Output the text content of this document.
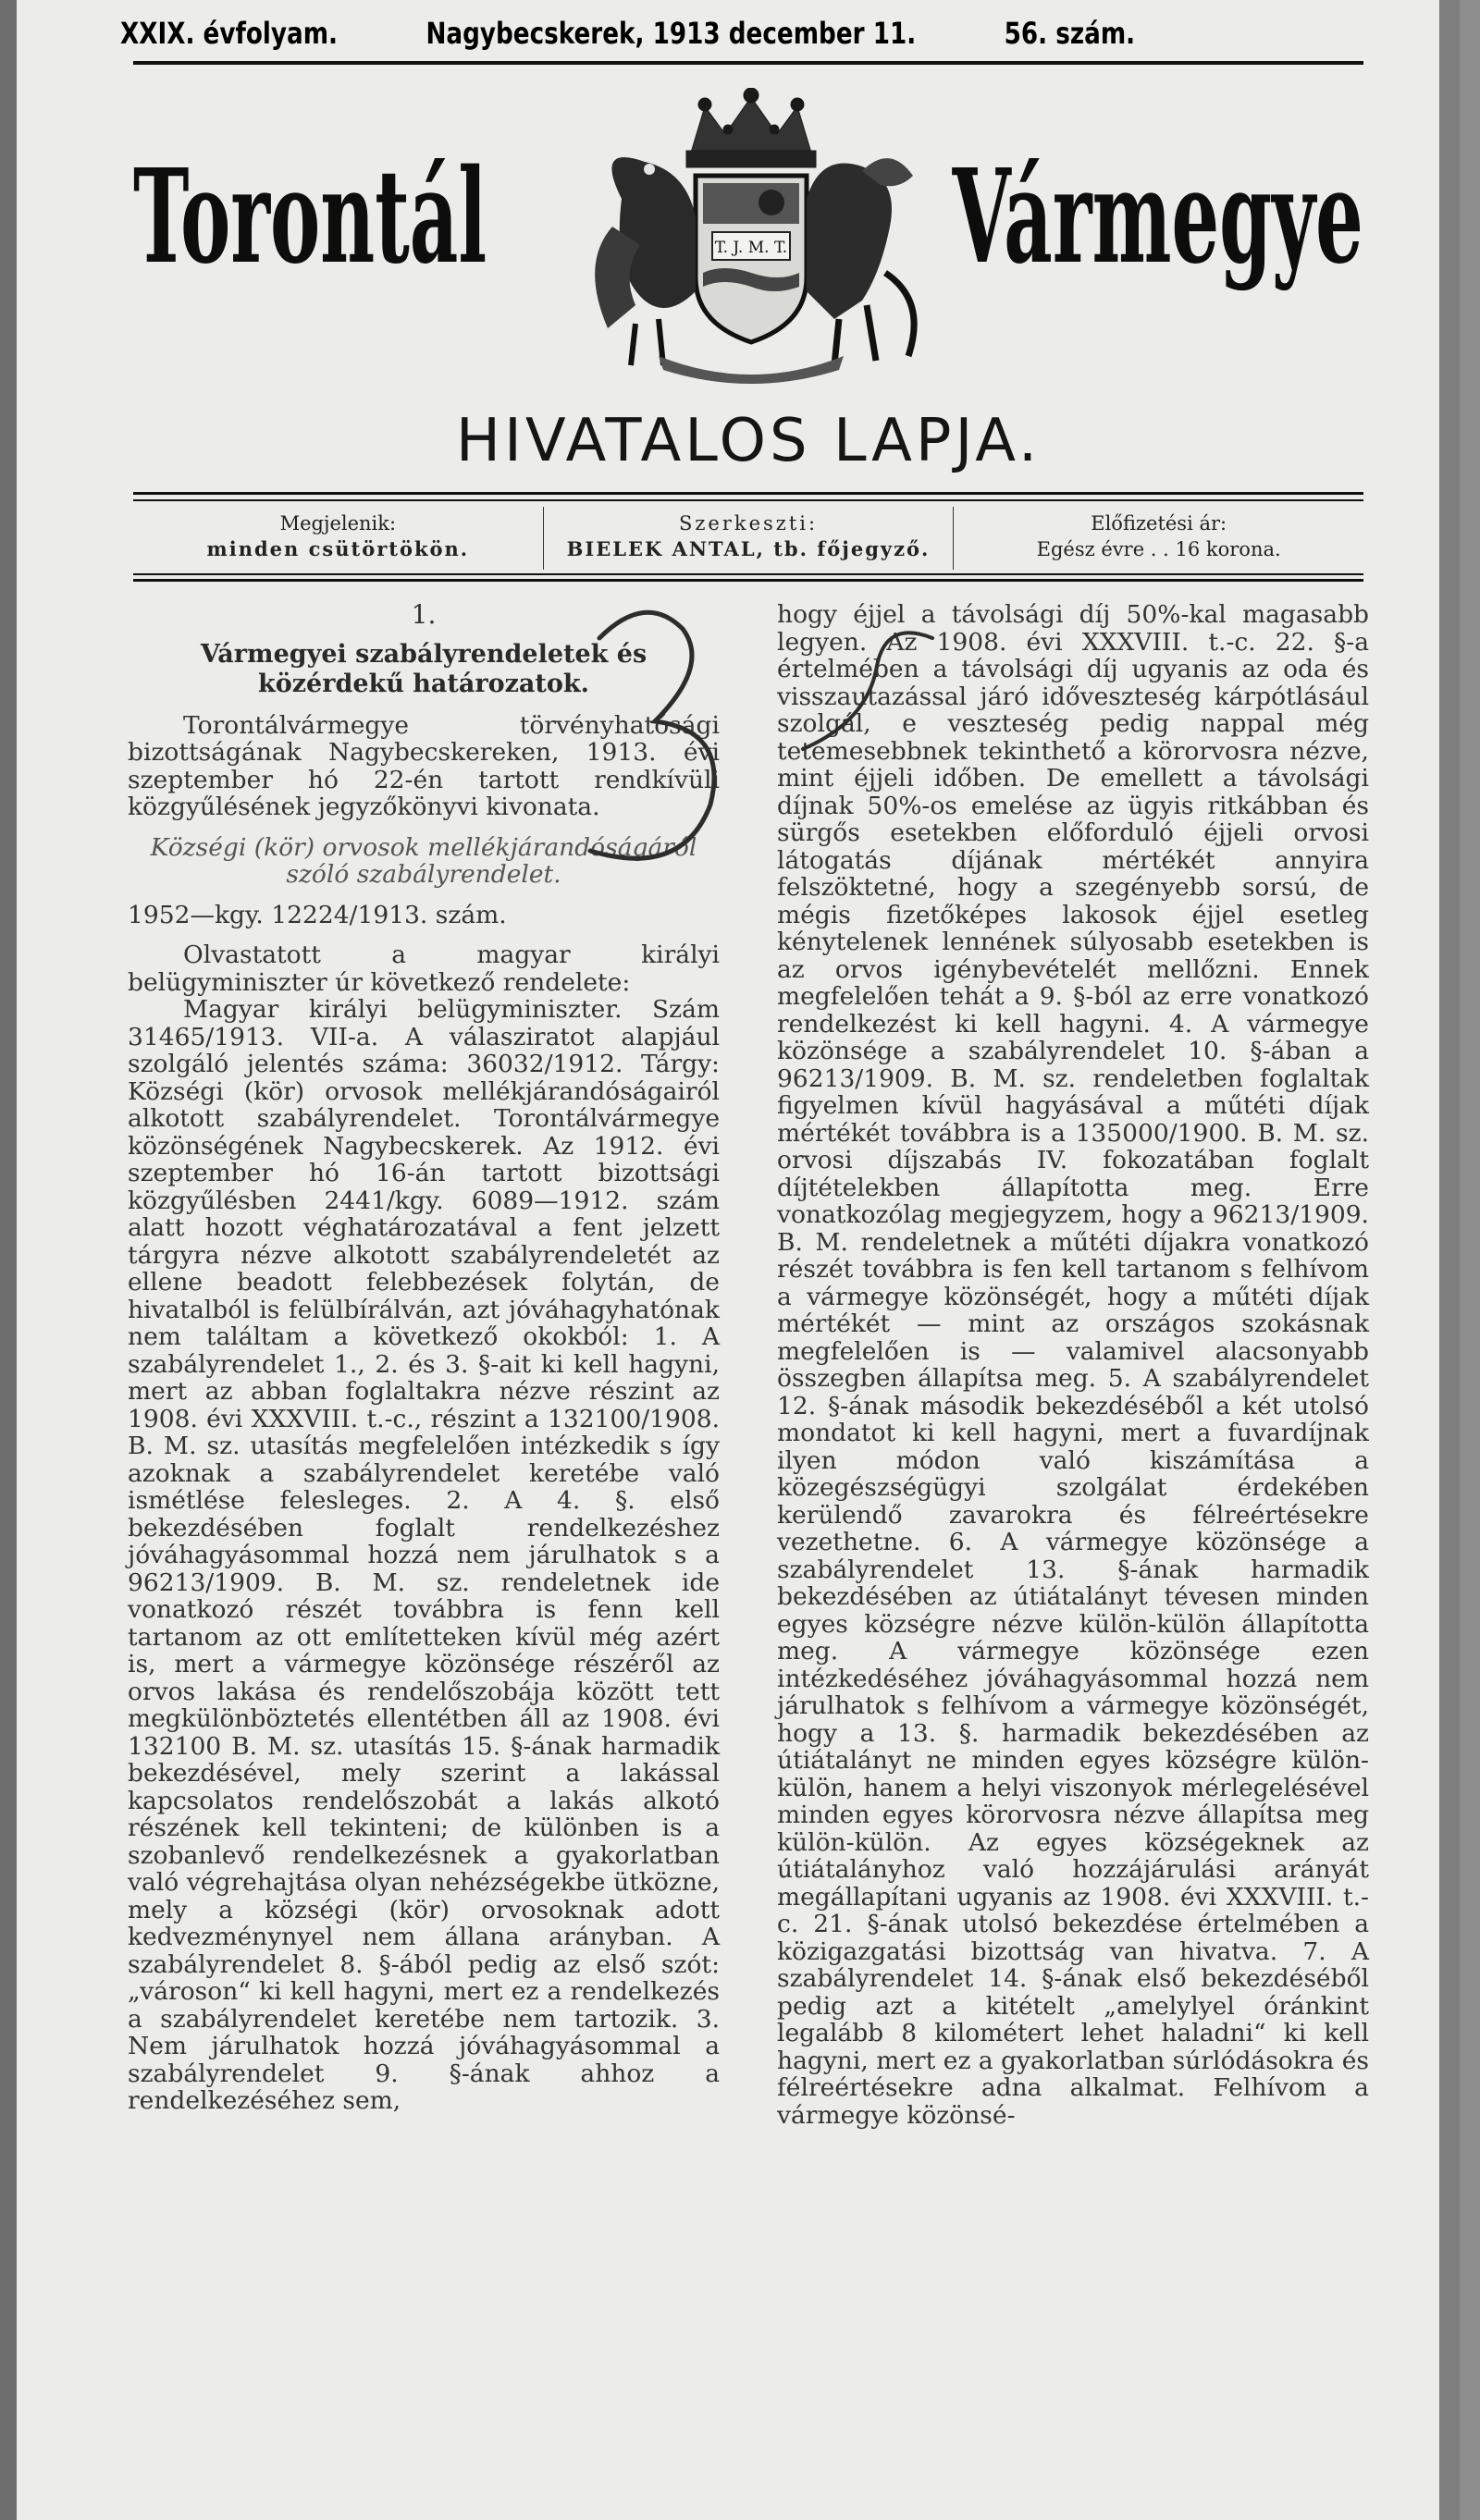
XXIX. évfolyam.	Nagybecskerek, 1913 december 11.	56. szám.
Torontál	T. J. M. T. Vármegye
HIVATALOS LAPJA.
Megjelenik:
minden csütörtökön.
Szerkeszti:
BIELEK ANTAL, tb. főjegyző.
Előfizetési ár:
Egész évre . . 16 korona.
1.
Vármegyei szabályrendeletek és közérdekű határozatok.

Torontálvármegye törvényhatósági bizottságának Nagybecskereken, 1913. évi szeptember hó 22-én tartott rendkívüli közgyűlésének jegyzőkönyvi kivonata.

Községi (kör) orvosok mellékjárandóságáról szóló szabályrendelet.

1952—kgy. 12224/1913. szám.

Olvastatott a magyar királyi belügyminiszter úr következő rendelete:

Magyar királyi belügyminiszter. Szám 31465/1913. VII-a. A válasziratot alapjául szolgáló jelentés száma: 36032/1912. Tárgy: Községi (kör) orvosok mellékjárandóságairól alkotott szabályrendelet. Torontálvármegye közönségének Nagybecskerek. Az 1912. évi szeptember hó 16-án tartott bizottsági közgyűlésben 2441/kgy. 6089—1912. szám alatt hozott véghatározatával a fent jelzett tárgyra nézve alkotott szabályrendeletét az ellene beadott felebbezések folytán, de hivatalból is felülbírálván, azt jóváhagyhatónak nem találtam a következő okokból: 1. A szabályrendelet 1., 2. és 3. §-ait ki kell hagyni, mert az abban foglaltakra nézve részint az 1908. évi XXXVIII. t.-c., részint a 132100/1908. B. M. sz. utasítás megfelelően intézkedik s így azoknak a szabályrendelet keretébe való ismétlése felesleges. 2. A 4. §. első bekezdésében foglalt rendelkezéshez jóváhagyásommal hozzá nem járulhatok s a 96213/1909. B. M. sz. rendeletnek ide vonatkozó részét továbbra is fenn kell tartanom az ott említetteken kívül még azért is, mert a vármegye közönsége részéről az orvos lakása és rendelőszobája között tett megkülönböztetés ellentétben áll az 1908. évi 132100 B. M. sz. utasítás 15. §-ának harmadik bekezdésével, mely szerint a lakással kapcsolatos rendelőszobát a lakás alkotó részének kell tekinteni; de különben is a szobanlevő rendelkezésnek a gyakorlatban való végrehajtása olyan nehézségekbe ütközne, mely a községi (kör) orvosoknak adott kedvezménynyel nem állana arányban. A szabályrendelet 8. §-ából pedig az első szót: „városon“ ki kell hagyni, mert ez a rendelkezés a szabályrendelet keretébe nem tartozik. 3. Nem járulhatok hozzá jóváhagyásommal a szabályrendelet 9. §-ának ahhoz a rendelkezéséhez sem,

hogy éjjel a távolsági díj 50%-kal magasabb legyen. Az 1908. évi XXXVIII. t.-c. 22. §-a értelmében a távolsági díj ugyanis az oda és visszautazással járó időveszteség kárpótlásául szolgál, e veszteség pedig nappal még tetemesebbnek tekinthető a körorvosra nézve, mint éjjeli időben. De emellett a távolsági díjnak 50%-os emelése az ügyis ritkábban és sürgős esetekben előforduló éjjeli orvosi látogatás díjának mértékét annyira felszöktetné, hogy a szegényebb sorsú, de mégis fizetőképes lakosok éjjel esetleg kénytelenek lennének súlyosabb esetekben is az orvos igénybevételét mellőzni. Ennek megfelelően tehát a 9. §-ból az erre vonatkozó rendelkezést ki kell hagyni. 4. A vármegye közönsége a szabályrendelet 10. §-ában a 96213/1909. B. M. sz. rendeletben foglaltak figyelmen kívül hagyásával a műtéti díjak mértékét továbbra is a 135000/1900. B. M. sz. orvosi díjszabás IV. fokozatában foglalt díjtételekben állapította meg. Erre vonatkozólag megjegyzem, hogy a 96213/1909. B. M. rendeletnek a műtéti díjakra vonatkozó részét továbbra is fen kell tartanom s felhívom a vármegye közönségét, hogy a műtéti díjak mértékét — mint az országos szokásnak megfelelően is — valamivel alacsonyabb összegben állapítsa meg. 5. A szabályrendelet 12. §-ának második bekezdéséből a két utolsó mondatot ki kell hagyni, mert a fuvardíjnak ilyen módon való kiszámítása a közegészségügyi szolgálat érdekében kerülendő zavarokra és félreértésekre vezethetne. 6. A vármegye közönsége a szabályrendelet 13. §-ának harmadik bekezdésében az útiátalányt tévesen minden egyes községre nézve külön-külön állapította meg. A vármegye közönsége ezen intézkedéséhez jóváhagyásommal hozzá nem járulhatok s felhívom a vármegye közönségét, hogy a 13. §. harmadik bekezdésében az útiátalányt ne minden egyes községre külön-külön, hanem a helyi viszonyok mérlegelésével minden egyes körorvosra nézve állapítsa meg külön-külön. Az egyes községeknek az útiátalányhoz való hozzájárulási arányát megállapítani ugyanis az 1908. évi XXXVIII. t.-c. 21. §-ának utolsó bekezdése értelmében a közigazgatási bizottság van hivatva. 7. A szabályrendelet 14. §-ának első bekezdéséből pedig azt a kitételt „amelylyel óránkint legalább 8 kilométert lehet haladni“ ki kell hagyni, mert ez a gyakorlatban súrlódásokra és félreértésekre adna alkalmat. Felhívom a vármegye közönsé-
